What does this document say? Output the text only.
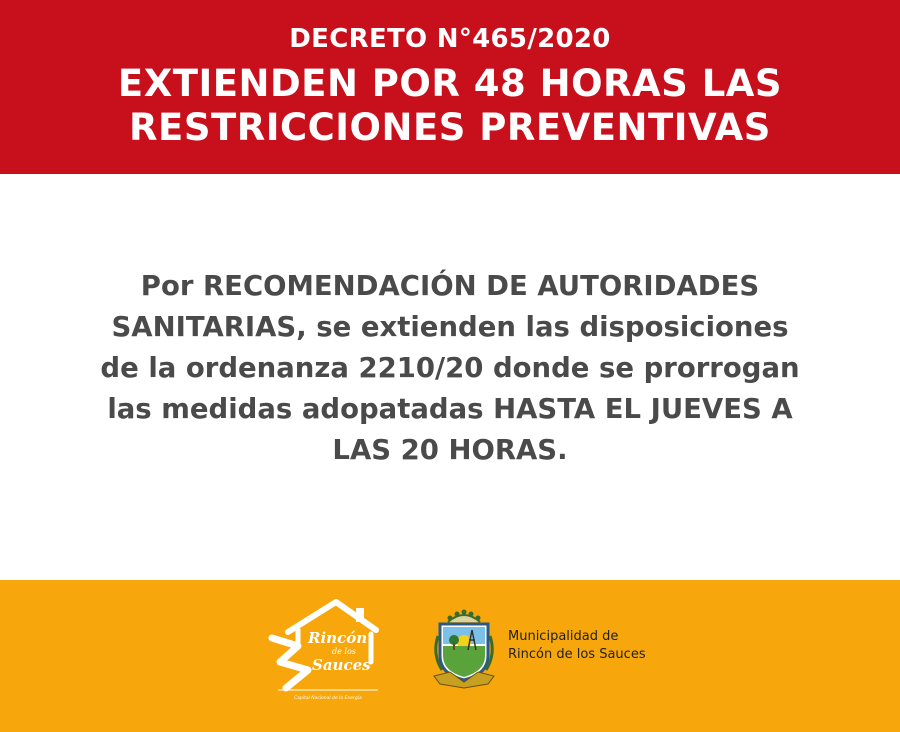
DECRETO N°465/2020
EXTIENDEN POR 48 HORAS LAS
RESTRICCIONES PREVENTIVAS
Por RECOMENDACIÓN DE AUTORIDADES
SANITARIAS, se extienden las disposiciones
de la ordenanza 2210/20 donde se prorrogan
las medidas adopatadas HASTA EL JUEVES A
LAS 20 HORAS.
Rincón
de los
Sauces
Capital Nacional de la Energía
Municipalidad de
Rincón de los Sauces
